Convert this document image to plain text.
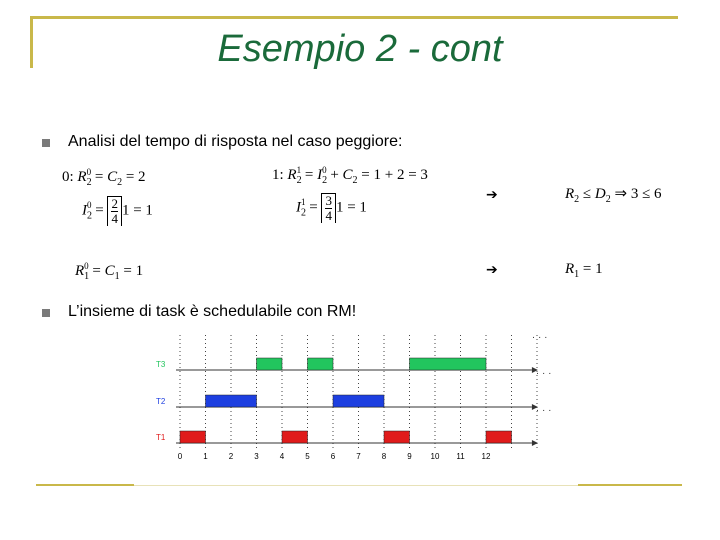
Esempio 2 - cont
Analisi del tempo di risposta nel caso peggiore:
0: $R_2^0 = C_2 = 2$
$I_2^0 = 2$

4
1 = 1
1: $R_2^1 = I_2^0 + C_2 = 1 + 2 = 3$
$I_2^1 = 3$

4
1 = 1
➔	$R_2 \le D_2$ ⇒ 3 ≤ 6
$R_1^0 = C_1 = 1$	➔	$R_1 = 1$
L’insieme di task è schedulabile con RM!
T3
T2
T1
· · ·
· · ·
· · ·
0	1	2	3	4	5	6	7	8	9 10 11 12
